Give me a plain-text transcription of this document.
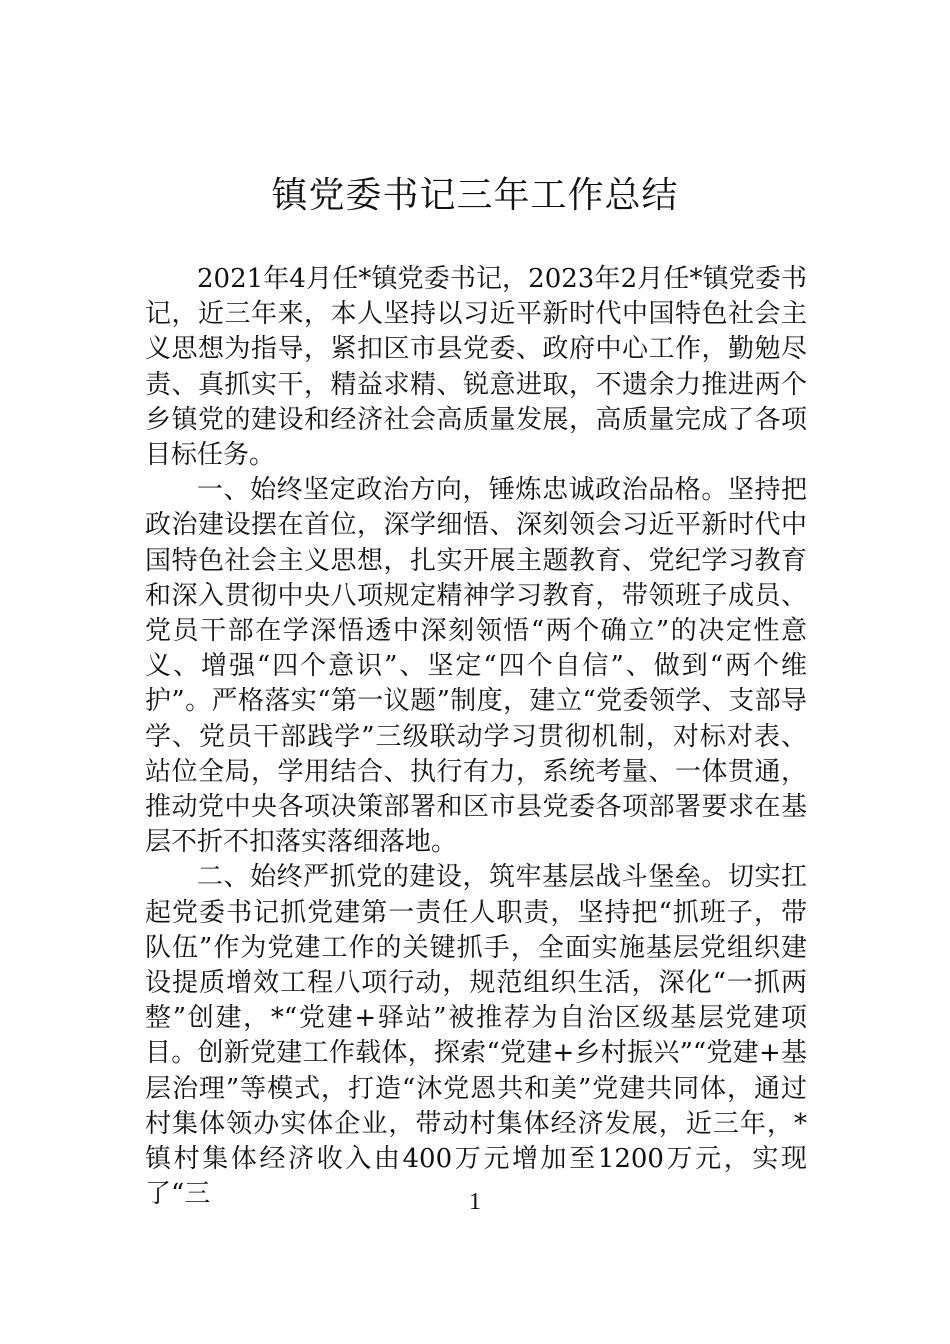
镇党委书记三年工作总结

2021年4月任*镇党委书记，2023年2月任*镇党委书记，近三年来，本人坚持以习近平新时代中国特色社会主义思想为指导，紧扣区市县党委、政府中心工作，勤勉尽责、真抓实干，精益求精、锐意进取，不遗余力推进两个乡镇党的建设和经济社会高质量发展，高质量完成了各项目标任务。

一、始终坚定政治方向，锤炼忠诚政治品格。坚持把政治建设摆在首位，深学细悟、深刻领会习近平新时代中国特色社会主义思想，扎实开展主题教育、党纪学习教育和深入贯彻中央八项规定精神学习教育，带领班子成员、党员干部在学深悟透中深刻领悟“两个确立”的决定性意义、增强“四个意识”、坚定“四个自信”、做到“两个维护”。严格落实“第一议题”制度，建立“党委领学、支部导学、党员干部践学”三级联动学习贯彻机制，对标对表、站位全局，学用结合、执行有力，系统考量、一体贯通，推动党中央各项决策部署和区市县党委各项部署要求在基层不折不扣落实落细落地。

二、始终严抓党的建设，筑牢基层战斗堡垒。切实扛起党委书记抓党建第一责任人职责，坚持把“抓班子，带队伍”作为党建工作的关键抓手，全面实施基层党组织建设提质增效工程八项行动，规范组织生活，深化“一抓两整”创建，*“党建+驿站”被推荐为自治区级基层党建项目。创新党建工作载体，探索“党建+乡村振兴”“党建+基层治理”等模式，打造“沐党恩共和美”党建共同体，通过村集体领办实体企业，带动村集体经济发展，近三年，*镇村集体经济收入由400万元增加至1200万元，实现了“三	1
